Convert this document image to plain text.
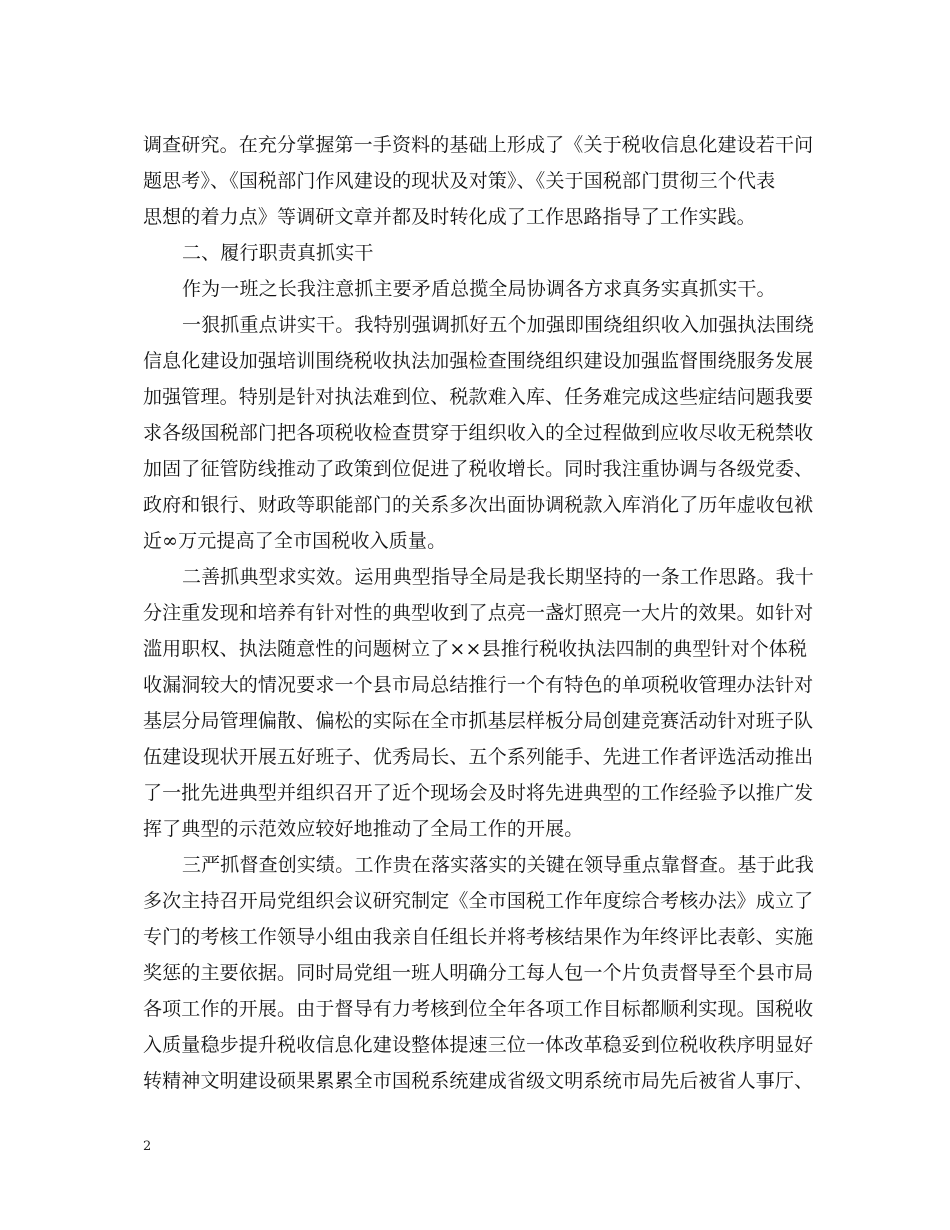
调查研究。在充分掌握第一手资料的基础上形成了《关于税收信息化建设若干问
题思考》、《国税部门作风建设的现状及对策》、《关于国税部门贯彻三个代表
思想的着力点》等调研文章并都及时转化成了工作思路指导了工作实践。
二、履行职责真抓实干
作为一班之长我注意抓主要矛盾总揽全局协调各方求真务实真抓实干。
一狠抓重点讲实干。我特别强调抓好五个加强即围绕组织收入加强执法围绕
信息化建设加强培训围绕税收执法加强检查围绕组织建设加强监督围绕服务发展
加强管理。特别是针对执法难到位、税款难入库、任务难完成这些症结问题我要
求各级国税部门把各项税收检查贯穿于组织收入的全过程做到应收尽收无税禁收
加固了征管防线推动了政策到位促进了税收增长。同时我注重协调与各级党委、
政府和银行、财政等职能部门的关系多次出面协调税款入库消化了历年虚收包袱
近∞万元提高了全市国税收入质量。
二善抓典型求实效。运用典型指导全局是我长期坚持的一条工作思路。我十
分注重发现和培养有针对性的典型收到了点亮一盏灯照亮一大片的效果。如针对
滥用职权、执法随意性的问题树立了××县推行税收执法四制的典型针对个体税
收漏洞较大的情况要求一个县市局总结推行一个有特色的单项税收管理办法针对
基层分局管理偏散、偏松的实际在全市抓基层样板分局创建竞赛活动针对班子队
伍建设现状开展五好班子、优秀局长、五个系列能手、先进工作者评选活动推出
了一批先进典型并组织召开了近个现场会及时将先进典型的工作经验予以推广发
挥了典型的示范效应较好地推动了全局工作的开展。
三严抓督查创实绩。工作贵在落实落实的关键在领导重点靠督查。基于此我
多次主持召开局党组织会议研究制定《全市国税工作年度综合考核办法》成立了
专门的考核工作领导小组由我亲自任组长并将考核结果作为年终评比表彰、实施
奖惩的主要依据。同时局党组一班人明确分工每人包一个片负责督导至个县市局
各项工作的开展。由于督导有力考核到位全年各项工作目标都顺利实现。国税收
入质量稳步提升税收信息化建设整体提速三位一体改革稳妥到位税收秩序明显好
转精神文明建设硕果累累全市国税系统建成省级文明系统市局先后被省人事厅、
2
